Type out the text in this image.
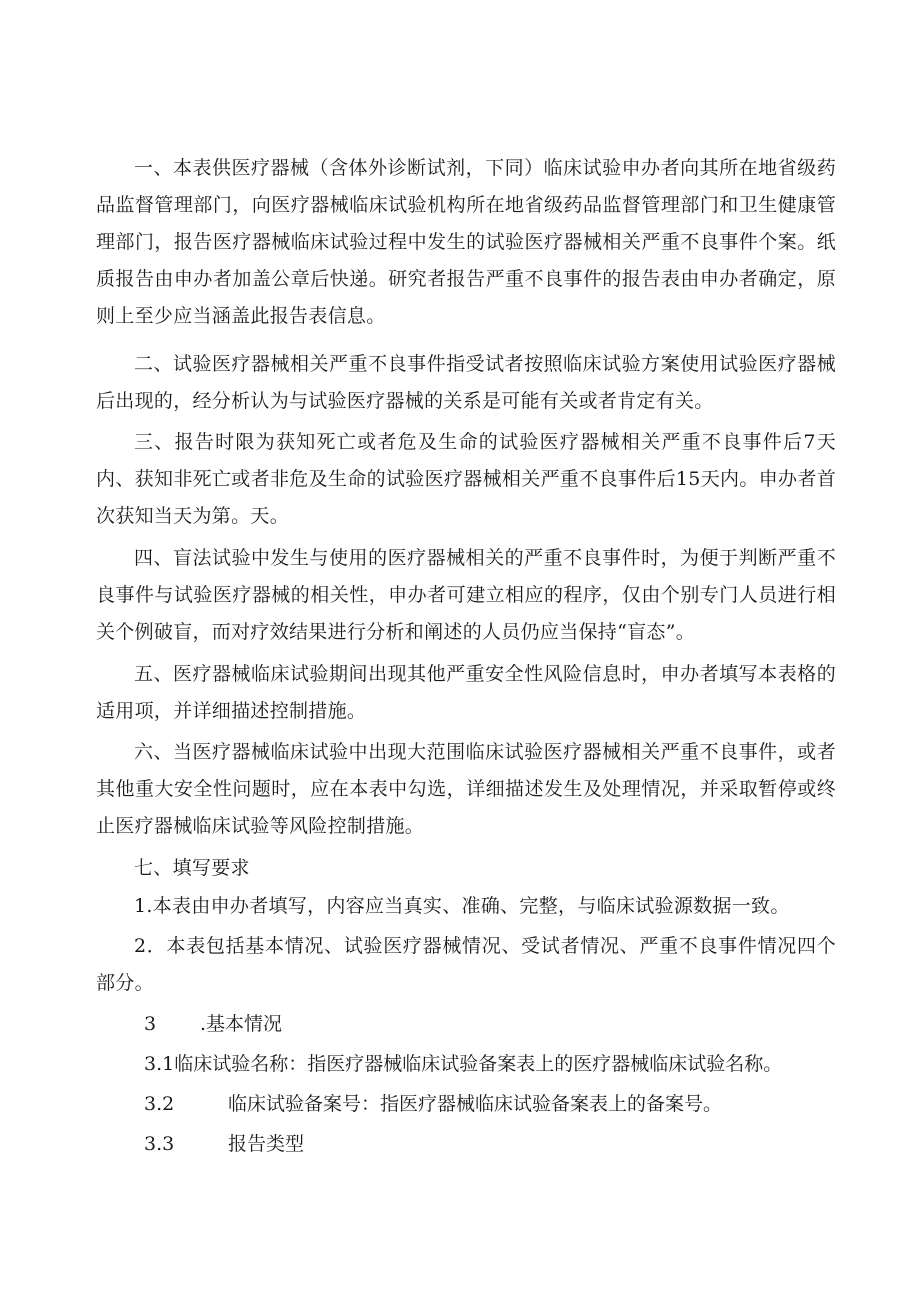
一、本表供医疗器械（含体外诊断试剂，下同）临床试验申办者向其所在地省级药品监督管理部门，向医疗器械临床试验机构所在地省级药品监督管理部门和卫生健康管理部门，报告医疗器械临床试验过程中发生的试验医疗器械相关严重不良事件个案。纸质报告由申办者加盖公章后快递。研究者报告严重不良事件的报告表由申办者确定，原则上至少应当涵盖此报告表信息。

二、试验医疗器械相关严重不良事件指受试者按照临床试验方案使用试验医疗器械后出现的，经分析认为与试验医疗器械的关系是可能有关或者肯定有关。

三、报告时限为获知死亡或者危及生命的试验医疗器械相关严重不良事件后7天内、获知非死亡或者非危及生命的试验医疗器械相关严重不良事件后15天内。申办者首次获知当天为第。天。

四、盲法试验中发生与使用的医疗器械相关的严重不良事件时，为便于判断严重不良事件与试验医疗器械的相关性，申办者可建立相应的程序，仅由个别专门人员进行相关个例破盲，而对疗效结果进行分析和阐述的人员仍应当保持“盲态”。

五、医疗器械临床试验期间出现其他严重安全性风险信息时，申办者填写本表格的适用项，并详细描述控制措施。

六、当医疗器械临床试验中出现大范围临床试验医疗器械相关严重不良事件，或者其他重大安全性问题时，应在本表中勾选，详细描述发生及处理情况，并采取暂停或终止医疗器械临床试验等风险控制措施。

七、填写要求

1.本表由申办者填写，内容应当真实、准确、完整，与临床试验源数据一致。

2．本表包括基本情况、试验医疗器械情况、受试者情况、严重不良事件情况四个部分。

3 .基本情况
3.1临床试验名称：指医疗器械临床试验备案表上的医疗器械临床试验名称。
3.2	临床试验备案号：指医疗器械临床试验备案表上的备案号。
3.3	报告类型
